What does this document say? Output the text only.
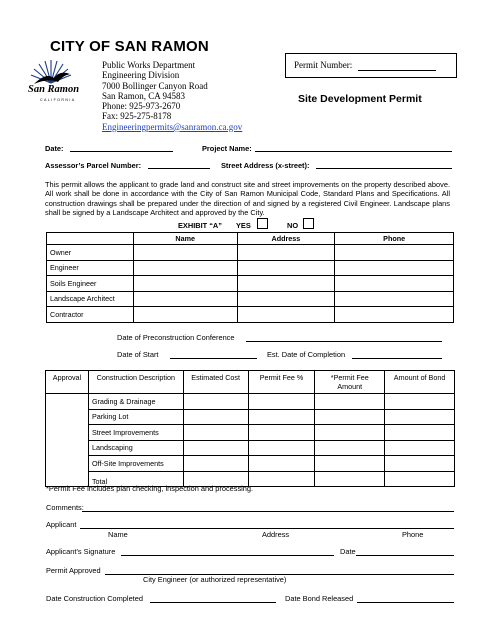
CITY OF SAN RAMON
San Ramon
CALIFORNIA
Public Works Department
Engineering Division
7000 Bollinger Canyon Road
San Ramon, CA 94583
Phone: 925-973-2670
Fax: 925-275-8178
Engineeringpermits@sanramon.ca.gov
Permit Number:
Site Development Permit
Date:	Project Name:
Assessor’s Parcel Number:	Street Address (x-street):
This permit allows the applicant to grade land and construct site and street improvements on the property described above. All work shall be done in accordance with the City of San Ramon Municipal Code, Standard Plans and Specifications. All construction drawings shall be prepared under the direction of and signed by a registered Civil Engineer. Landscape plans shall be signed by a Landscape Architect and approved by the City.
EXHIBIT “A” YES	NO
	Name	Address	Phone
Owner			
Engineer			
Soils Engineer			
Landscape Architect			
Contractor			
Date of Preconstruction Conference
Date of Start	Est. Date of Completion
Approval	Construction Description	Estimated Cost	Permit Fee %	*Permit Fee Amount	Amount of Bond
	Grading & Drainage				
	Parking Lot				
	Street Improvements				
	Landscaping				
	Off-Site Improvements				
	Total				
*Permit Fee includes plan checking, inspection and processing.
Comments:
Applicant
Name	Address	Phone
Applicant’s Signature	Date
Permit Approved
City Engineer (or authorized representative)
Date Construction Completed	Date Bond Released
